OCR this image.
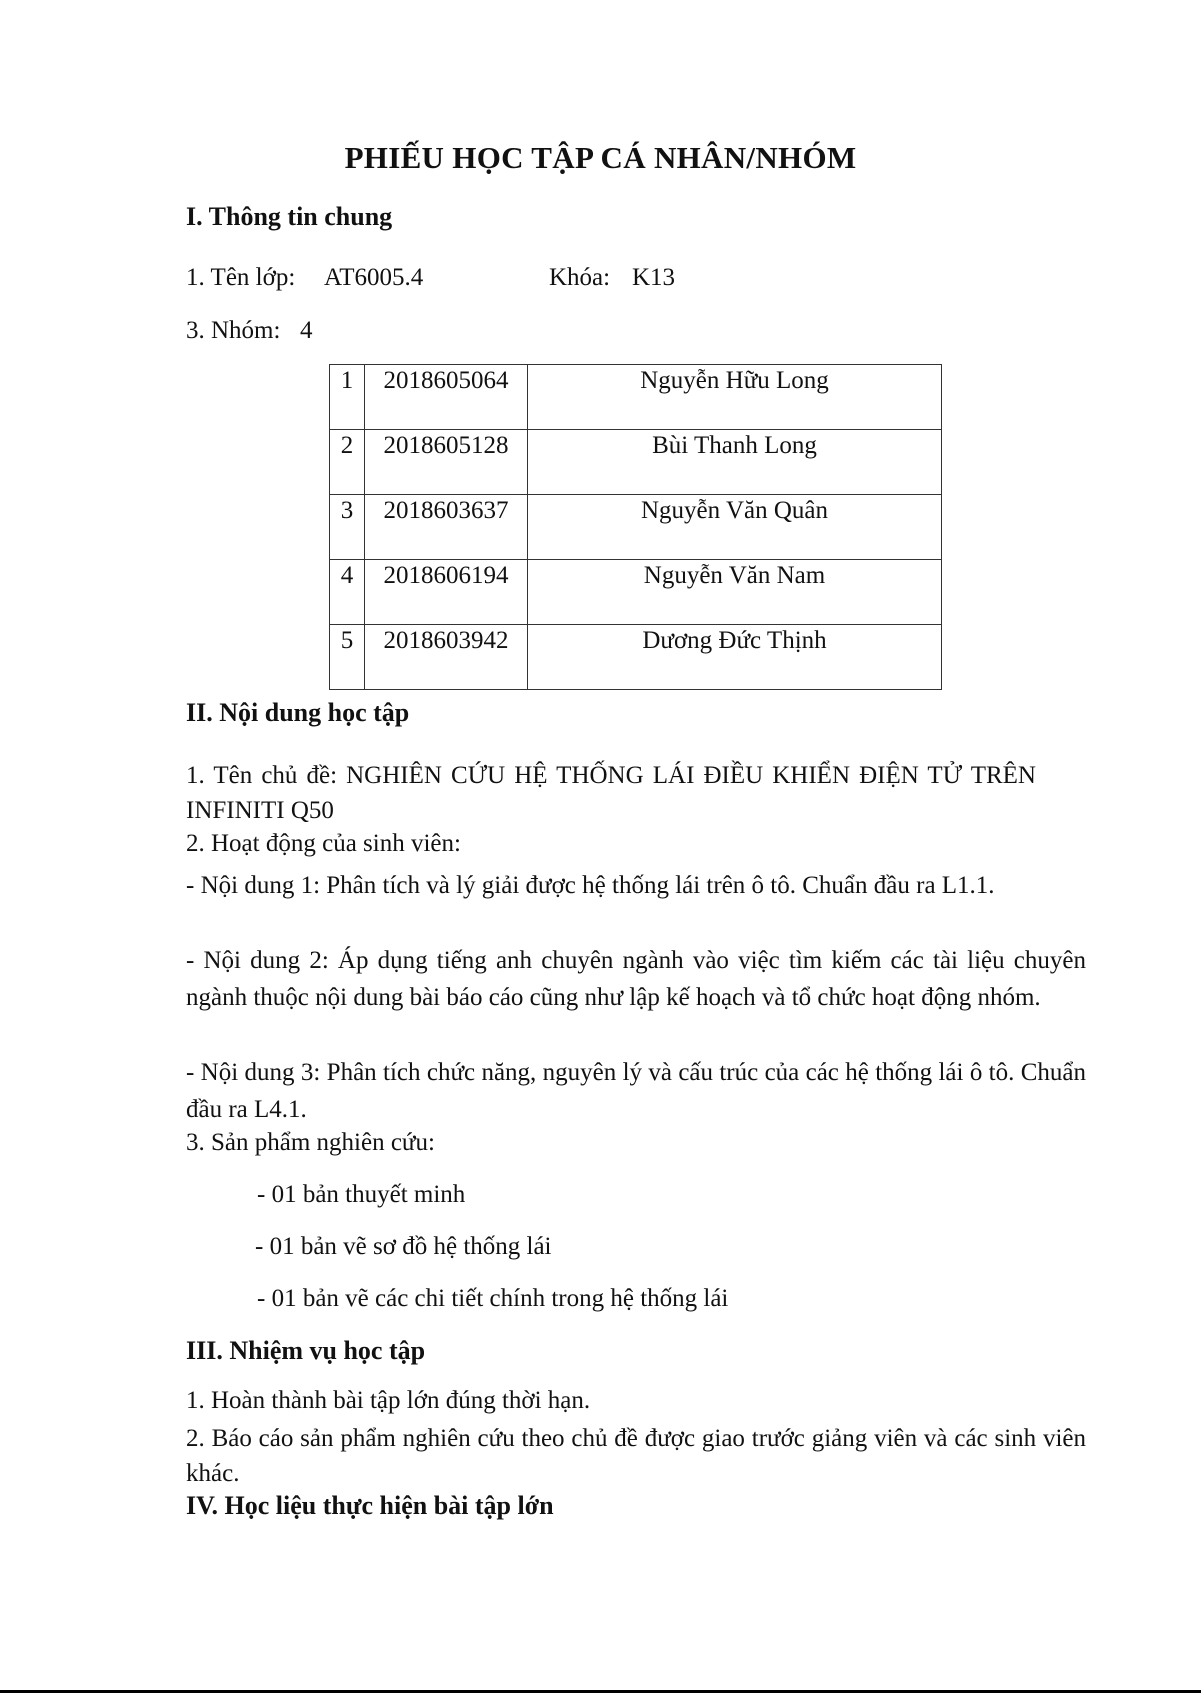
PHIẾU HỌC TẬP CÁ NHÂN/NHÓM
I. Thông tin chung
1. Tên lớp: AT6005.4	Khóa: K13
3. Nhóm: 4
1	2018605064	Nguyễn Hữu Long
2	2018605128	Bùi Thanh Long
3	2018603637	Nguyễn Văn Quân
4	2018606194	Nguyễn Văn Nam
5	2018603942	Dương Đức Thịnh
II. Nội dung học tập
1. Tên chủ đề: NGHIÊN CỨU HỆ THỐNG LÁI ĐIỀU KHIỂN ĐIỆN TỬ TRÊN INFINITI Q50
2. Hoạt động của sinh viên:
- Nội dung 1: Phân tích và lý giải được hệ thống lái trên ô tô. Chuẩn đầu ra L1.1.
- Nội dung 2: Áp dụng tiếng anh chuyên ngành vào việc tìm kiếm các tài liệu chuyên ngành thuộc nội dung bài báo cáo cũng như lập kế hoạch và tổ chức hoạt động nhóm.
- Nội dung 3: Phân tích chức năng, nguyên lý và cấu trúc của các hệ thống lái ô tô. Chuẩn đầu ra L4.1.
3. Sản phẩm nghiên cứu:
- 01 bản thuyết minh
- 01 bản vẽ sơ đồ hệ thống lái
- 01 bản vẽ các chi tiết chính trong hệ thống lái
III. Nhiệm vụ học tập
1. Hoàn thành bài tập lớn đúng thời hạn.
2. Báo cáo sản phẩm nghiên cứu theo chủ đề được giao trước giảng viên và các sinh viên khác.
IV. Học liệu thực hiện bài tập lớn
